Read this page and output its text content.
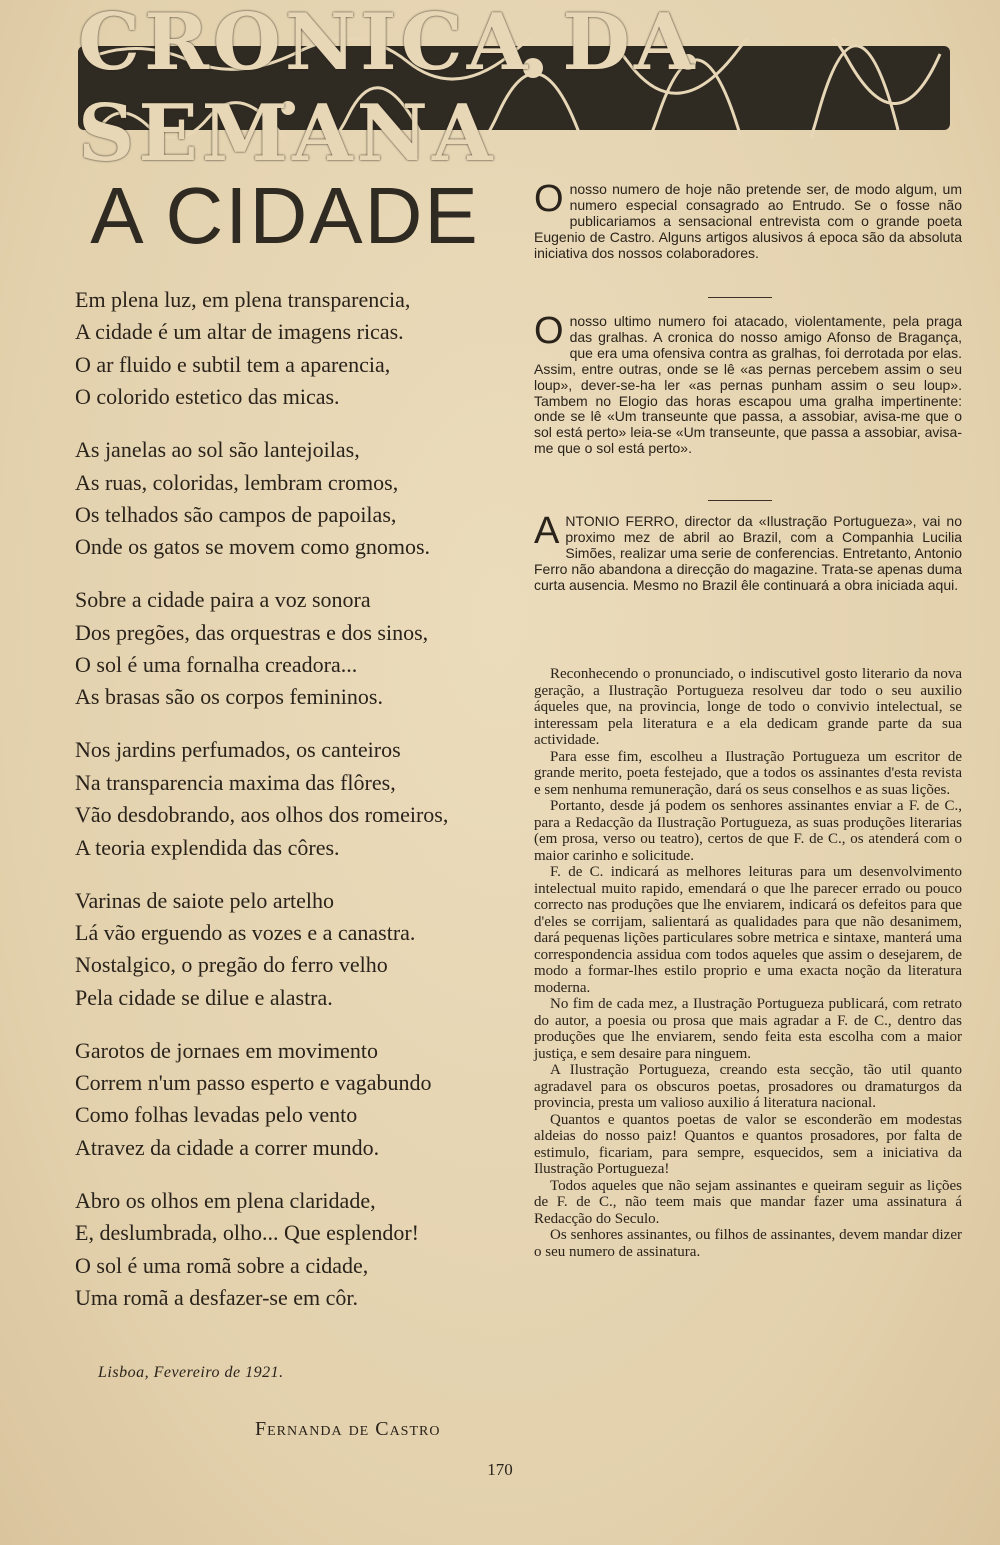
CRONICA DA SEMANA
A CIDADE
Em plena luz, em plena transparencia,
A cidade é um altar de imagens ricas.
O ar fluido e subtil tem a aparencia,
O colorido estetico das micas.
As janelas ao sol são lantejoilas,
As ruas, coloridas, lembram cromos,
Os telhados são campos de papoilas,
Onde os gatos se movem como gnomos.
Sobre a cidade paira a voz sonora
Dos pregões, das orquestras e dos sinos,
O sol é uma fornalha creadora...
As brasas são os corpos femininos.
Nos jardins perfumados, os canteiros
Na transparencia maxima das flôres,
Vão desdobrando, aos olhos dos romeiros,
A teoria explendida das côres.
Varinas de saiote pelo artelho
Lá vão erguendo as vozes e a canastra.
Nostalgico, o pregão do ferro velho
Pela cidade se dilue e alastra.
Garotos de jornaes em movimento
Correm n'um passo esperto e vagabundo
Como folhas levadas pelo vento
Atravez da cidade a correr mundo.
Abro os olhos em plena claridade,
E, deslumbrada, olho... Que esplendor!
O sol é uma romã sobre a cidade,
Uma romã a desfazer-se em côr.
Lisboa, Fevereiro de 1921.
Fernanda de Castro

Onosso numero de hoje não pretende ser, de modo algum, um numero especial consagrado ao Entrudo. Se o fosse não publicariamos a sensacional entrevista com o grande poeta Eugenio de Castro. Alguns artigos alusivos á epoca são da absoluta iniciativa dos nossos colaboradores.

Onosso ultimo numero foi atacado, violentamente, pela praga das gralhas. A cronica do nosso amigo Afonso de Bragança, que era uma ofensiva contra as gralhas, foi derrotada por elas. Assim, entre outras, onde se lê «as pernas percebem assim o seu loup», dever-se-ha ler «as pernas punham assim o seu loup». Tambem no Elogio das horas escapou uma gralha impertinente: onde se lê «Um transeunte que passa, a assobiar, avisa-me que o sol está perto» leia-se «Um transeunte, que passa a assobiar, avisa-me que o sol está perto».

ANTONIO FERRO, director da «Ilustração Portugueza», vai no proximo mez de abril ao Brazil, com a Companhia Lucilia Simões, realizar uma serie de conferencias. Entretanto, Antonio Ferro não abandona a direcção do magazine. Trata-se apenas duma curta ausencia. Mesmo no Brazil êle continuará a obra iniciada aqui.

Reconhecendo o pronunciado, o indiscutivel gosto literario da nova geração, a Ilustração Portugueza resolveu dar todo o seu auxilio áqueles que, na provincia, longe de todo o convivio intelectual, se interessam pela literatura e a ela dedicam grande parte da sua actividade.

Para esse fim, escolheu a Ilustração Portugueza um escritor de grande merito, poeta festejado, que a todos os assinantes d'esta revista e sem nenhuma remuneração, dará os seus conselhos e as suas lições.

Portanto, desde já podem os senhores assinantes enviar a F. de C., para a Redacção da Ilustração Portugueza, as suas produções literarias (em prosa, verso ou teatro), certos de que F. de C., os atenderá com o maior carinho e solicitude.

F. de C. indicará as melhores leituras para um desenvolvimento intelectual muito rapido, emendará o que lhe parecer errado ou pouco correcto nas produções que lhe enviarem, indicará os defeitos para que d'eles se corrijam, salientará as qualidades para que não desanimem, dará pequenas lições particulares sobre metrica e sintaxe, manterá uma correspondencia assidua com todos aqueles que assim o desejarem, de modo a formar-lhes estilo proprio e uma exacta noção da literatura moderna.

No fim de cada mez, a Ilustração Portugueza publicará, com retrato do autor, a poesia ou prosa que mais agradar a F. de C., dentro das produções que lhe enviarem, sendo feita esta escolha com a maior justiça, e sem desaire para ninguem.

A Ilustração Portugueza, creando esta secção, tão util quanto agradavel para os obscuros poetas, prosadores ou dramaturgos da provincia, presta um valioso auxilio á literatura nacional.

Quantos e quantos poetas de valor se esconderão em modestas aldeias do nosso paiz! Quantos e quantos prosadores, por falta de estimulo, ficariam, para sempre, esquecidos, sem a iniciativa da Ilustração Portugueza!

Todos aqueles que não sejam assinantes e queiram seguir as lições de F. de C., não teem mais que mandar fazer uma assinatura á Redacção do Seculo.

Os senhores assinantes, ou filhos de assinantes, devem mandar dizer o seu numero de assinatura.

170
